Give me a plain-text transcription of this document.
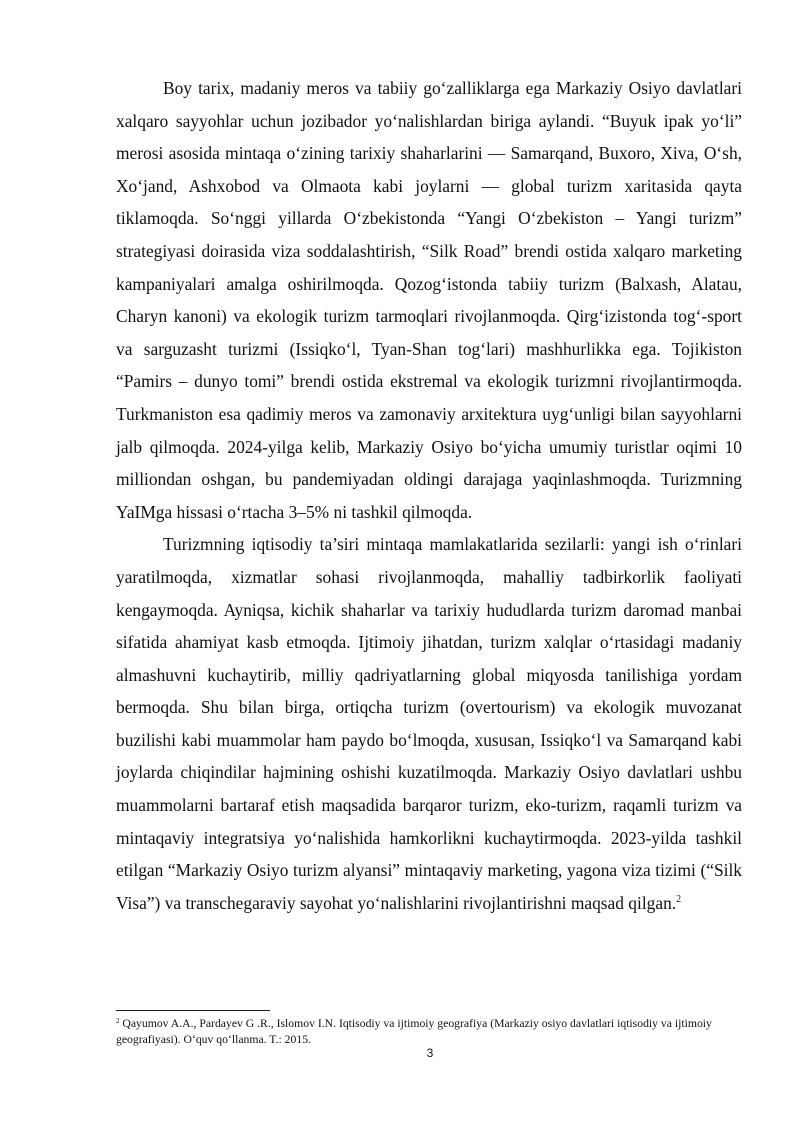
Boy tarix, madaniy meros va tabiiy go‘zalliklarga ega Markaziy Osiyo davlatlari xalqaro sayyohlar uchun jozibador yo‘nalishlardan biriga aylandi. “Buyuk ipak yo‘li” merosi asosida mintaqa o‘zining tarixiy shaharlarini — Samarqand, Buxoro, Xiva, O‘sh, Xo‘jand, Ashxobod va Olmaota kabi joylarni — global turizm xaritasida qayta tiklamoqda. So‘nggi yillarda O‘zbekistonda “Yangi O‘zbekiston – Yangi turizm” strategiyasi doirasida viza soddalashtirish, “Silk Road” brendi ostida xalqaro marketing kampaniyalari amalga oshirilmoqda. Qozog‘istonda tabiiy turizm (Balxash, Alatau, Charyn kanoni) va ekologik turizm tarmoqlari rivojlanmoqda. Qirg‘izistonda tog‘-sport va sarguzasht turizmi (Issiqko‘l, Tyan-Shan tog‘lari) mashhurlikka ega. Tojikiston “Pamirs – dunyo tomi” brendi ostida ekstremal va ekologik turizmni rivojlantirmoqda. Turkmaniston esa qadimiy meros va zamonaviy arxitektura uyg‘unligi bilan sayyohlarni jalb qilmoqda. 2024-yilga kelib, Markaziy Osiyo bo‘yicha umumiy turistlar oqimi 10 milliondan oshgan, bu pandemiyadan oldingi darajaga yaqinlashmoqda. Turizmning YaIMga hissasi o‘rtacha 3–5% ni tashkil qilmoqda.

Turizmning iqtisodiy ta’siri mintaqa mamlakatlarida sezilarli: yangi ish o‘rinlari yaratilmoqda, xizmatlar sohasi rivojlanmoqda, mahalliy tadbirkorlik faoliyati kengaymoqda. Ayniqsa, kichik shaharlar va tarixiy hududlarda turizm daromad manbai sifatida ahamiyat kasb etmoqda. Ijtimoiy jihatdan, turizm xalqlar o‘rtasidagi madaniy almashuvni kuchaytirib, milliy qadriyatlarning global miqyosda tanilishiga yordam bermoqda. Shu bilan birga, ortiqcha turizm (overtourism) va ekologik muvozanat buzilishi kabi muammolar ham paydo bo‘lmoqda, xususan, Issiqko‘l va Samarqand kabi joylarda chiqindilar hajmining oshishi kuzatilmoqda. Markaziy Osiyo davlatlari ushbu muammolarni bartaraf etish maqsadida barqaror turizm, eko-turizm, raqamli turizm va mintaqaviy integratsiya yo‘nalishida hamkorlikni kuchaytirmoqda. 2023-yilda tashkil etilgan “Markaziy Osiyo turizm alyansi” mintaqaviy marketing, yagona viza tizimi (“Silk Visa”) va transchegaraviy sayohat yo‘nalishlarini rivojlantirishni maqsad qilgan.$^2$

$^2$ Qayumov A.A., Pardayev G .R., Islomov I.N. Iqtisodiy va ijtimoiy geografiya (Markaziy osiyo davlatlari iqtisodiy va ijtimoiy geografiyasi). O‘quv qo‘llanma. T.: 2015.
3
